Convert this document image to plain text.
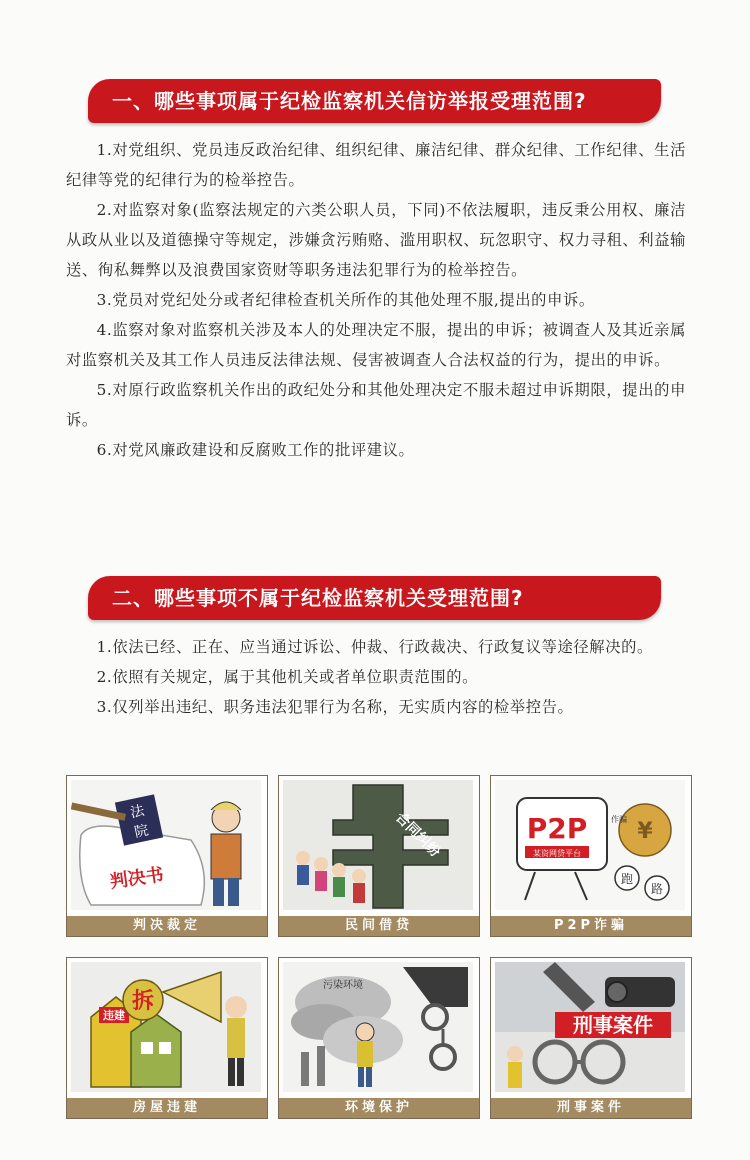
一、哪些事项属于纪检监察机关信访举报受理范围?

1.对党组织、党员违反政治纪律、组织纪律、廉洁纪律、群众纪律、工作纪律、生活纪律等党的纪律行为的检举控告。

2.对监察对象(监察法规定的六类公职人员，下同)不依法履职，违反秉公用权、廉洁从政从业以及道德操守等规定，涉嫌贪污贿赂、滥用职权、玩忽职守、权力寻租、利益输送、徇私舞弊以及浪费国家资财等职务违法犯罪行为的检举控告。

3.党员对党纪处分或者纪律检查机关所作的其他处理不服,提出的申诉。

4.监察对象对监察机关涉及本人的处理决定不服，提出的申诉；被调查人及其近亲属对监察机关及其工作人员违反法律法规、侵害被调查人合法权益的行为，提出的申诉。

5.对原行政监察机关作出的政纪处分和其他处理决定不服未超过申诉期限，提出的申诉。

6.对党风廉政建设和反腐败工作的批评建议。

二、哪些事项不属于纪检监察机关受理范围?

1.依法已经、正在、应当通过诉讼、仲裁、行政裁决、行政复议等途径解决的。

2.依照有关规定，属于其他机关或者单位职责范围的。

3.仅列举出违纪、职务违法犯罪行为名称，无实质内容的检举控告。

法
院
判决书
判决裁定
合同纠纷
民间借贷
P2P
某资网贷平台
¥
作骗
跑
路
P2P诈骗
违建
拆
房屋违建
污染环境
环境保护
刑事案件
刑事案件
